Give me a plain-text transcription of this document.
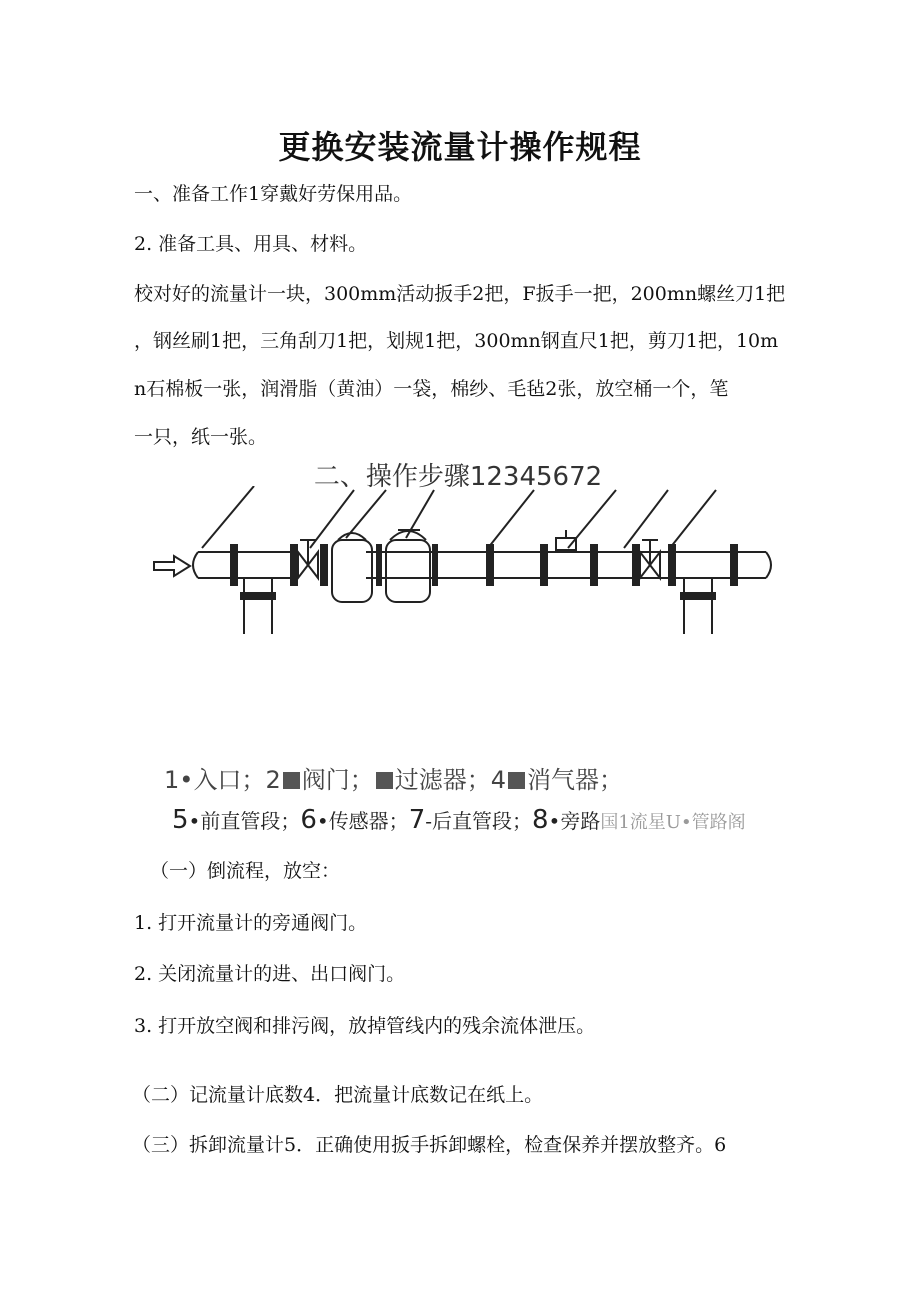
更换安装流量计操作规程
一、准备工作1穿戴好劳保用品。
2. 准备工具、用具、材料。
校对好的流量计一块，300mm活动扳手2把，F扳手一把，200mn螺丝刀1把
，钢丝刷1把，三角刮刀1把，划规1把，300mn钢直尺1把，剪刀1把，10m
n石棉板一张，润滑脂（黄油）一袋，棉纱、毛毡2张，放空桶一个，笔
一只，纸一张。
二、操作步骤12345672
1•入口；2 阀门； 过滤器；4 消气器；
5•前直管段；6•传感器；7-后直管段；8•旁路国1流星U•管路阁
（一）倒流程，放空：
1. 打开流量计的旁通阀门。
2. 关闭流量计的进、出口阀门。
3. 打开放空阀和排污阀，放掉管线内的残余流体泄压。
（二）记流量计底数4．把流量计底数记在纸上。
（三）拆卸流量计5．正确使用扳手拆卸螺栓，检查保养并摆放整齐。6
